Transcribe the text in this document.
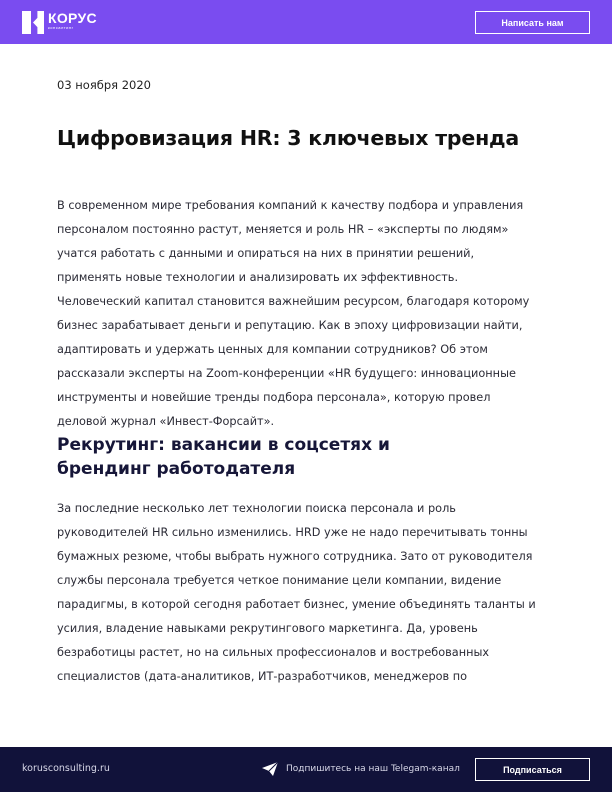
КОРУС
консалтинг	Написать нам
03 ноября 2020
Цифровизация HR: 3 ключевых тренда
В современном мире требования компаний к качеству подбора и управления
персоналом постоянно растут, меняется и роль HR – «эксперты по людям»
учатся работать с данными и опираться на них в принятии решений,
применять новые технологии и анализировать их эффективность.
Человеческий капитал становится важнейшим ресурсом, благодаря которому
бизнес зарабатывает деньги и репутацию. Как в эпоху цифровизации найти,
адаптировать и удержать ценных для компании сотрудников? Об этом
рассказали эксперты на Zoom-конференции «HR будущего: инновационные
инструменты и новейшие тренды подбора персонала», которую провел
деловой журнал «Инвест-Форсайт».
Рекрутинг: вакансии в соцсетях и
брендинг работодателя
За последние несколько лет технологии поиска персонала и роль
руководителей HR сильно изменились. HRD уже не надо перечитывать тонны
бумажных резюме, чтобы выбрать нужного сотрудника. Зато от руководителя
службы персонала требуется четкое понимание цели компании, видение
парадигмы, в которой сегодня работает бизнес, умение объединять таланты и
усилия, владение навыками рекрутингового маркетинга. Да, уровень
безработицы растет, но на сильных профессионалов и востребованных
специалистов (дата-аналитиков, ИТ-разработчиков, менеджеров по
korusconsulting.ru	Подпишитесь на наш Telegam-канал	Подписаться
